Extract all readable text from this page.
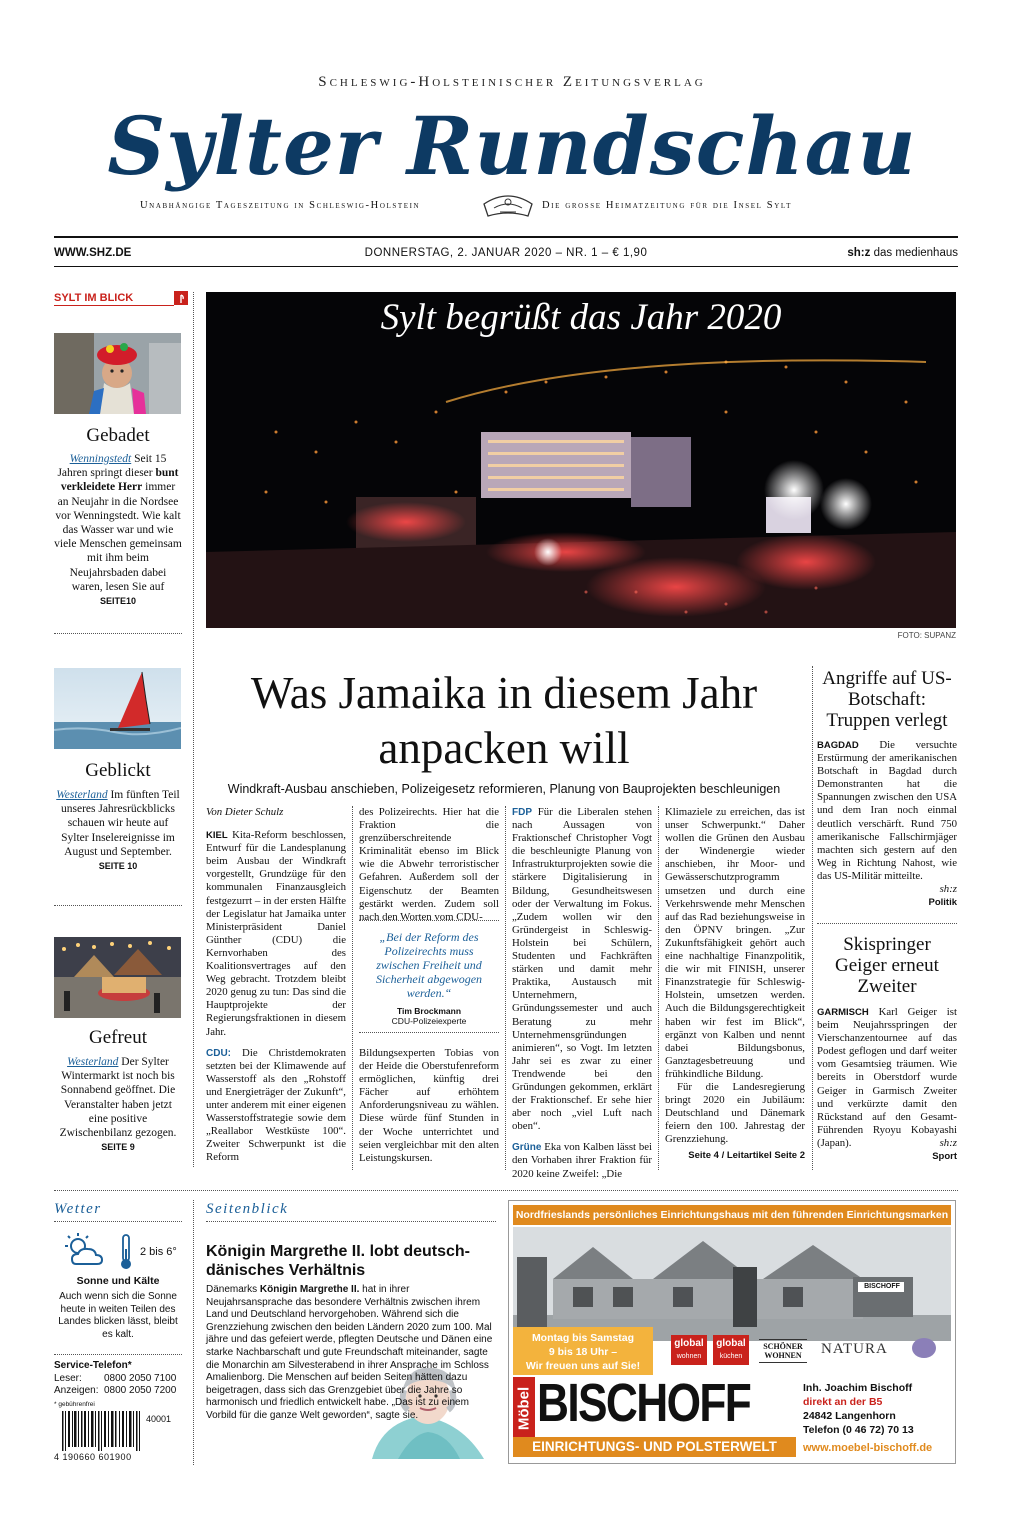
Schleswig-Holsteinischer Zeitungsverlag
Sylter Rundschau
Unabhängige Tageszeitung in Schleswig-Holstein	Die grosse Heimatzeitung für die Insel Sylt
WWW.SHZ.DE	DONNERSTAG, 2. JANUAR 2020 – NR. 1 – € 1,90	sh:z das medienhaus
SYLT IM BLICK
Gebadet
Wenningstedt Seit 15 Jahren springt dieser bunt verkleidete Herr immer an Neujahr in die Nordsee vor Wenningstedt. Wie kalt das Wasser war und wie viele Menschen gemeinsam mit ihm beim Neujahrsbaden dabei waren, lesen Sie auf
SEITE10
Geblickt
Westerland Im fünften Teil unseres Jahresrückblicks schauen wir heute auf Sylter Inselereignisse im August und September.
SEITE 10
Gefreut
Westerland Der Sylter Wintermarkt ist noch bis Sonnabend geöffnet. Die Veranstalter haben jetzt eine positive Zwischenbilanz gezogen.
SEITE 9
Sylt begrüßt das Jahr 2020
FOTO: SUPANZ
Was Jamaika in diesem Jahr anpacken will
Windkraft-Ausbau anschieben, Polizeigesetz reformieren, Planung von Bauprojekten beschleunigen

Von Dieter Schulz

KIEL Kita-Reform beschlossen, Entwurf für die Landesplanung beim Ausbau der Windkraft vorgestellt, Grundzüge für den kommunalen Finanzausgleich festgezurrt – in der ersten Hälfte der Legislatur hat Jamaika unter Ministerpräsident Daniel Günther (CDU) die Kernvorhaben des Koalitionsvertrages auf den Weg gebracht. Trotzdem bleibt 2020 genug zu tun: Das sind die Hauptprojekte der Regierungsfraktionen in diesem Jahr.

CDU: Die Christdemokraten setzten bei der Klimawende auf Wasserstoff als den „Rohstoff und Energieträger der Zukunft“, unter anderem mit einer eigenen Wasserstoffstrategie sowie dem „Reallabor Westküste 100“. Zweiter Schwerpunkt ist die Reform

des Polizeirechts. Hier hat die Fraktion die grenzüberschreitende Kriminalität ebenso im Blick wie die Abwehr terroristischer Gefahren. Außerdem soll der Eigenschutz der Beamten gestärkt werden. Zudem soll nach den Worten vom CDU-

„Bei der Reform des Polizeirechts muss zwischen Freiheit und Sicherheit abgewogen werden.“
Tim Brockmann
CDU-Polizeiexperte

Bildungsexperten Tobias von der Heide die Oberstufenreform ermöglichen, künftig drei Fächer auf erhöhtem Anforderungsniveau zu wählen. Diese würde fünf Stunden in der Woche unterrichtet und seien vergleichbar mit den alten Leistungskursen.

FDP Für die Liberalen stehen nach Aussagen von Fraktionschef Christopher Vogt die beschleunigte Planung von Infrastrukturprojekten sowie die stärkere Digitalisierung in Bildung, Gesundheitswesen oder der Verwaltung im Fokus. „Zudem wollen wir den Gründergeist in Schleswig-Holstein bei Schülern, Studenten und Fachkräften stärken und damit mehr Praktika, Austausch mit Unternehmern, Gründungssemester und auch Beratung zu mehr Unternehmensgründungen animieren“, so Vogt. Im letzten Jahr sei es zwar zu einer Trendwende bei den Gründungen gekommen, erklärt der Fraktionschef. Er sehe hier aber noch „viel Luft nach oben“.

Grüne Eka von Kalben lässt bei den Vorhaben ihrer Fraktion für 2020 keine Zweifel: „Die

Klimaziele zu erreichen, das ist unser Schwerpunkt.“ Daher wollen die Grünen den Ausbau der Windenergie wieder anschieben, ihr Moor- und Gewässerschutzprogramm umsetzen und durch eine Verkehrswende mehr Menschen auf das Rad beziehungsweise in den ÖPNV bringen. „Zur Zukunftsfähigkeit gehört auch eine nachhaltige Finanzpolitik, die wir mit FINISH, unserer Finanzstrategie für Schleswig-Holstein, umsetzen werden. Auch die Bildungsgerechtigkeit haben wir fest im Blick“, ergänzt von Kalben und nennt dabei Bildungsbonus, Ganztagesbetreuung und frühkindliche Bildung.

Für die Landesregierung bringt 2020 ein Jubiläum: Deutschland und Dänemark feiern den 100. Jahrestag der Grenzziehung.

Seite 4 / Leitartikel Seite 2

Angriffe auf US-Botschaft: Truppen verlegt

BAGDAD Die versuchte Erstürmung der amerikanischen Botschaft in Bagdad durch Demonstranten hat die Spannungen zwischen den USA und dem Iran noch einmal deutlich verschärft. Rund 750 amerikanische Fallschirmjäger machten sich gestern auf den Weg in Richtung Nahost, wie das US-Militär mitteilte.

sh:z

Politik

Skispringer Geiger erneut Zweiter

GARMISCH Karl Geiger ist beim Neujahrsspringen der Vierschanzentournee auf das Podest geflogen und darf weiter vom Gesamtsieg träumen. Wie bereits in Oberstdorf wurde Geiger in Garmisch Zweiter und verkürzte damit den Rückstand auf den Gesamt-Führenden Ryoyu Kobayashi (Japan).	sh:z

Sport

Wetter
2 bis 6°
Sonne und Kälte
Auch wenn sich die Sonne heute in weiten Teilen des Landes blicken lässt, bleibt es kalt.
Service-Telefon*
Leser: 0800 2050 7100
Anzeigen: 0800 2050 7200
* gebührenfrei
40001
4 190660 601900
Seitenblick
Königin Margrethe II. lobt deutsch-dänisches Verhältnis
Dänemarks Königin Margrethe II. hat in ihrer Neujahrsansprache das besondere Verhältnis zwischen ihrem Land und Deutschland hervorgehoben. Während sich die Grenzziehung zwischen den beiden Ländern 2020 zum 100. Mal jähre und das gefeiert werde, pflegten Deutsche und Dänen eine starke Nachbarschaft und gute Freundschaft miteinander, sagte die Monarchin am Silvesterabend in ihrer Ansprache im Schloss Amalienborg. Die Menschen auf beiden Seiten hätten dazu beigetragen, dass sich das Grenzgebiet über die Jahre so harmonisch und friedlich entwickelt habe. „Das ist zu einem Vorbild für die ganze Welt geworden“, sagte sie.
Nordfrieslands persönliches Einrichtungshaus mit den führenden Einrichtungsmarken
BISCHOFF
Montag bis Samstag
9 bis 18 Uhr –
Wir freuen uns auf Sie!
global
wohnen
global
küchen
SCHÖNER WOHNEN	NATURA
Möbel BISCHOFF	Inh. Joachim Bischoff
direkt an der B5
24842 Langenhorn
Telefon (0 46 72) 70 13
EINRICHTUNGS- UND POLSTERWELT	www.moebel-bischoff.de
